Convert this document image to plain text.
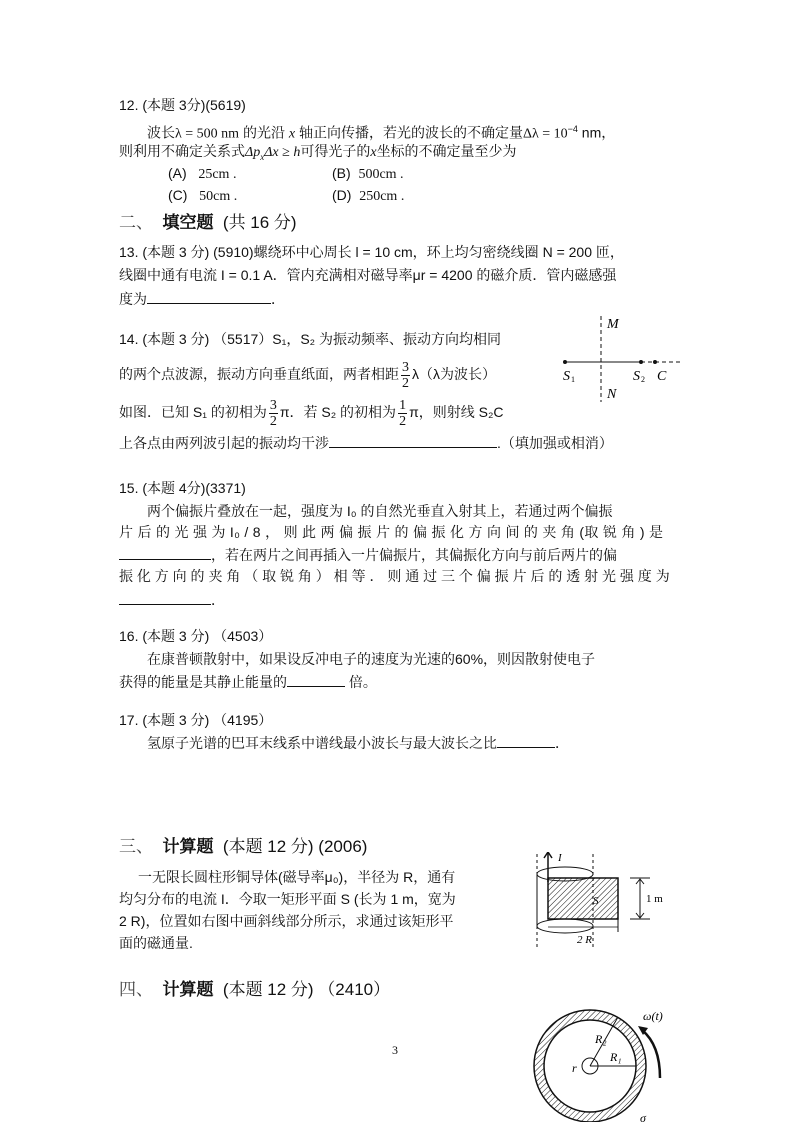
12. (本题 3分)(5619)
波长λ = 500 nm 的光沿 x 轴正向传播，若光的波长的不确定量$\Delta\lambda = 10^{-4}$ nm，
则利用不确定关系式$\Delta p_x\Delta x \ge h$可得光子的x坐标的不确定量至少为
(A) 25cm .	(B) 500cm .
(C) 50cm .	(D) 250cm .
二、 填空题 (共 16 分)
13. (本题 3 分) (5910)螺绕环中心周长 l = 10 cm，环上均匀密绕线圈 N = 200 匝，
线圈中通有电流 I = 0.1 A．管内充满相对磁导率μr = 4200 的磁介质．管内磁感强
度为	．
14. (本题 3 分) （5517）S₁，S₂ 为振动频率、振动方向均相同
的两个点波源，振动方向垂直纸面，两者相距 $\frac{3}{2} \lambda(\lambda$为波长）
如图．已知 S₁ 的初相为 $\frac{3}{2}$ π．若 S₂ 的初相为 $\frac{1}{2}$ π，则射线 S₂C
上各点由两列波引起的振动均干涉	.（填加强或相消）
M
N
S 1	S 2 C
15. (本题 4分)(3371)
两个偏振片叠放在一起，强度为 I₀ 的自然光垂直入射其上，若通过两个偏振
片 后 的 光 强 为 I₀ / 8 ， 则 此 两 偏 振 片 的 偏 振 化 方 向 间 的 夹 角 (取 锐 角 ) 是
，若在两片之间再插入一片偏振片，其偏振化方向与前后两片的偏
振 化 方 向 的 夹 角 （ 取 锐 角 ） 相 等 ． 则 通 过 三 个 偏 振 片 后 的 透 射 光 强 度 为
．
16. (本题 3 分) （4503）
在康普顿散射中，如果设反冲电子的速度为光速的60%，则因散射使电子
获得的能量是其静止能量的	倍。
17. (本题 3 分) （4195）
氢原子光谱的巴耳末线系中谱线最小波长与最大波长之比	．
三、 计算题 (本题 12 分) (2006)
一无限长圆柱形铜导体(磁导率μ₀)，半径为 R，通有
均匀分布的电流 I．今取一矩形平面 S (长为 1 m，宽为
2 R)，位置如右图中画斜线部分所示，求通过该矩形平
面的磁通量.
I
S	1 m
2 R
四、 计算题 (本题 12 分) （2410）
R₂
R₁
r
ω(t)
σ
3
